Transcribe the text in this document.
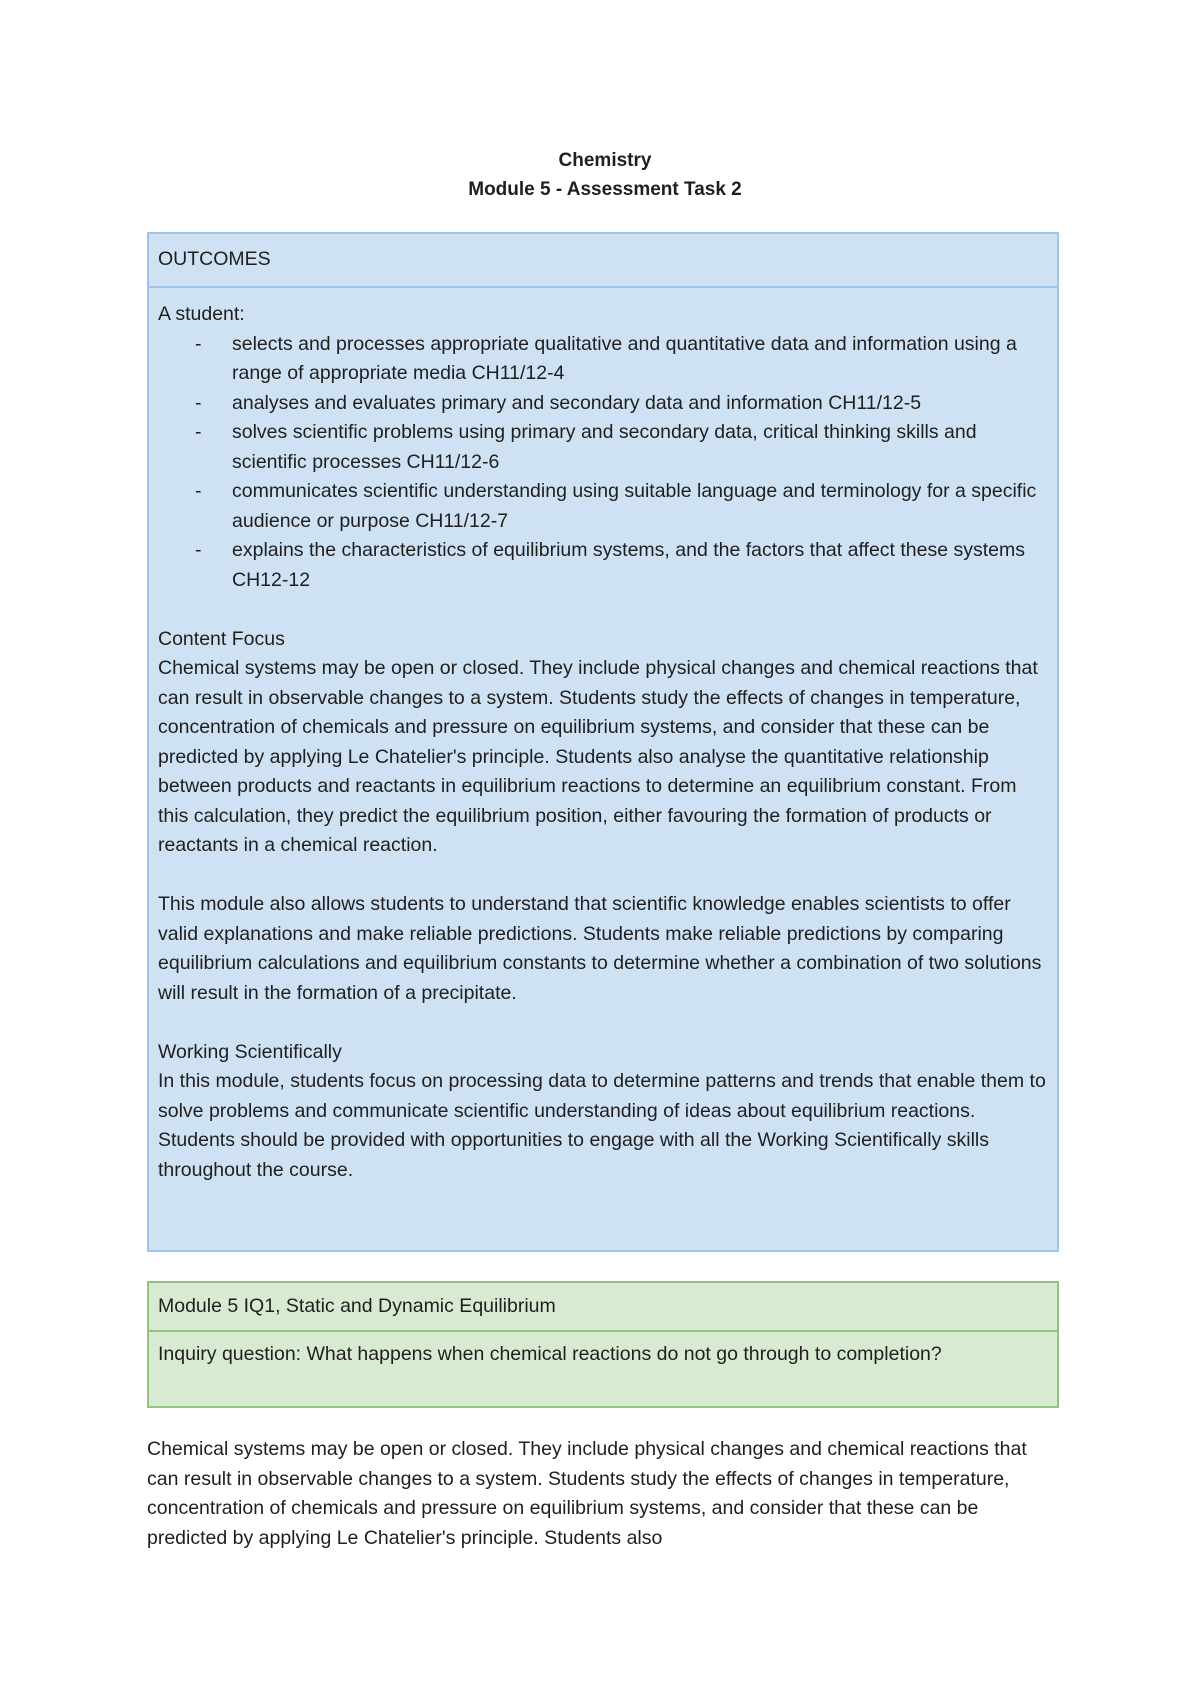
Chemistry
Module 5 - Assessment Task 2
OUTCOMES
A student:
- selects and processes appropriate qualitative and quantitative data and information using a range of appropriate media CH11/12-4
- analyses and evaluates primary and secondary data and information CH11/12-5
- solves scientific problems using primary and secondary data, critical thinking skills and scientific processes CH11/12-6
- communicates scientific understanding using suitable language and terminology for a specific audience or purpose CH11/12-7
- explains the characteristics of equilibrium systems, and the factors that affect these systems CH12-12
Content Focus
Chemical systems may be open or closed. They include physical changes and chemical reactions that can result in observable changes to a system. Students study the effects of changes in temperature, concentration of chemicals and pressure on equilibrium systems, and consider that these can be predicted by applying Le Chatelier's principle. Students also analyse the quantitative relationship between products and reactants in equilibrium reactions to determine an equilibrium constant. From this calculation, they predict the equilibrium position, either favouring the formation of products or reactants in a chemical reaction.
This module also allows students to understand that scientific knowledge enables scientists to offer valid explanations and make reliable predictions. Students make reliable predictions by comparing equilibrium calculations and equilibrium constants to determine whether a combination of two solutions will result in the formation of a precipitate.
Working Scientifically
In this module, students focus on processing data to determine patterns and trends that enable them to solve problems and communicate scientific understanding of ideas about equilibrium reactions. Students should be provided with opportunities to engage with all the Working Scientifically skills throughout the course.
Module 5 IQ1, Static and Dynamic Equilibrium
Inquiry question: What happens when chemical reactions do not go through to completion?
Chemical systems may be open or closed. They include physical changes and chemical reactions that can result in observable changes to a system. Students study the effects of changes in temperature, concentration of chemicals and pressure on equilibrium systems, and consider that these can be predicted by applying Le Chatelier's principle. Students also
